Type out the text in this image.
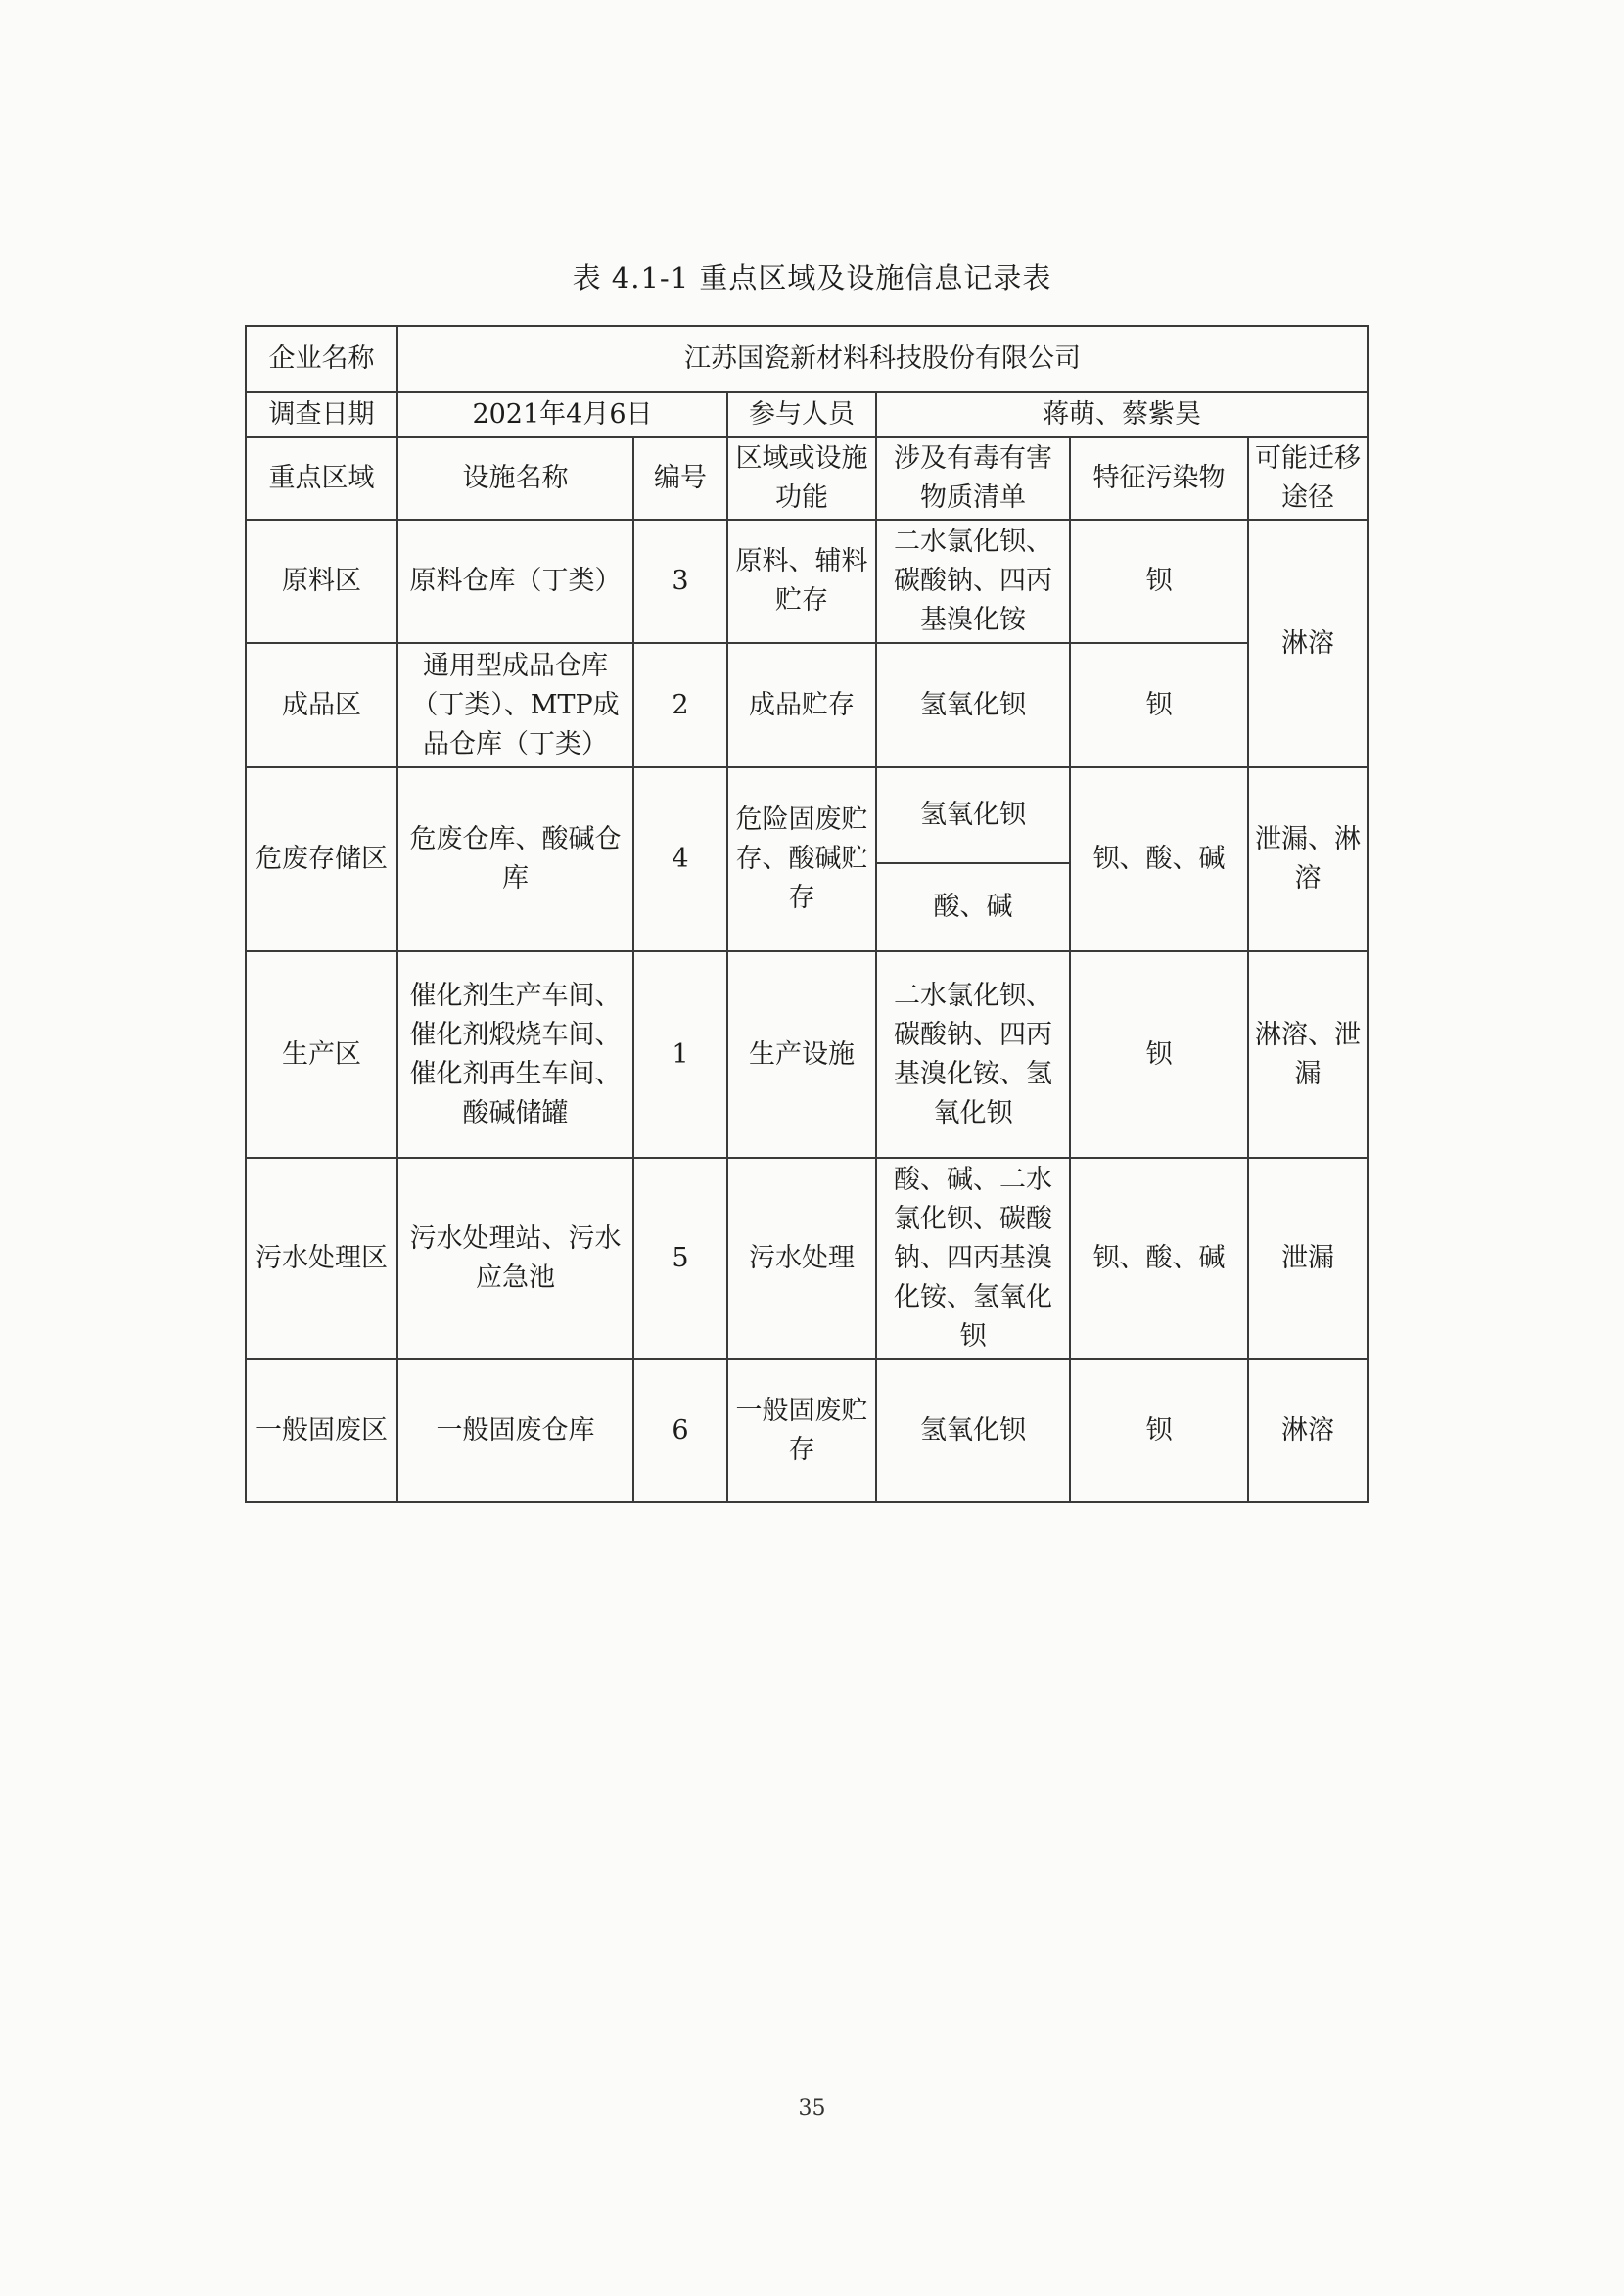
表 4.1-1 重点区域及设施信息记录表
企业名称	江苏国瓷新材料科技股份有限公司					
调查日期	2021年4月6日		参与人员	蒋萌、蔡紫昊		
重点区域	设施名称	编号	区域或设施功能	涉及有毒有害物质清单	特征污染物	可能迁移途径
原料区	原料仓库（丁类）	3	原料、辅料贮存	二水氯化钡、碳酸钠、四丙基溴化铵	钡	淋溶
成品区	通用型成品仓库（丁类）、MTP成品仓库（丁类）	2	成品贮存	氢氧化钡	钡	
危废存储区	危废仓库、酸碱仓库	4	危险固废贮存、酸碱贮存	氢氧化钡	钡、酸、碱	泄漏、淋溶
				酸、碱		
生产区	催化剂生产车间、催化剂煅烧车间、催化剂再生车间、酸碱储罐	1	生产设施	二水氯化钡、碳酸钠、四丙基溴化铵、氢氧化钡	钡	淋溶、泄漏
污水处理区	污水处理站、污水应急池	5	污水处理	酸、碱、二水氯化钡、碳酸钠、四丙基溴化铵、氢氧化钡	钡、酸、碱	泄漏
一般固废区	一般固废仓库	6	一般固废贮存	氢氧化钡	钡	淋溶
35
